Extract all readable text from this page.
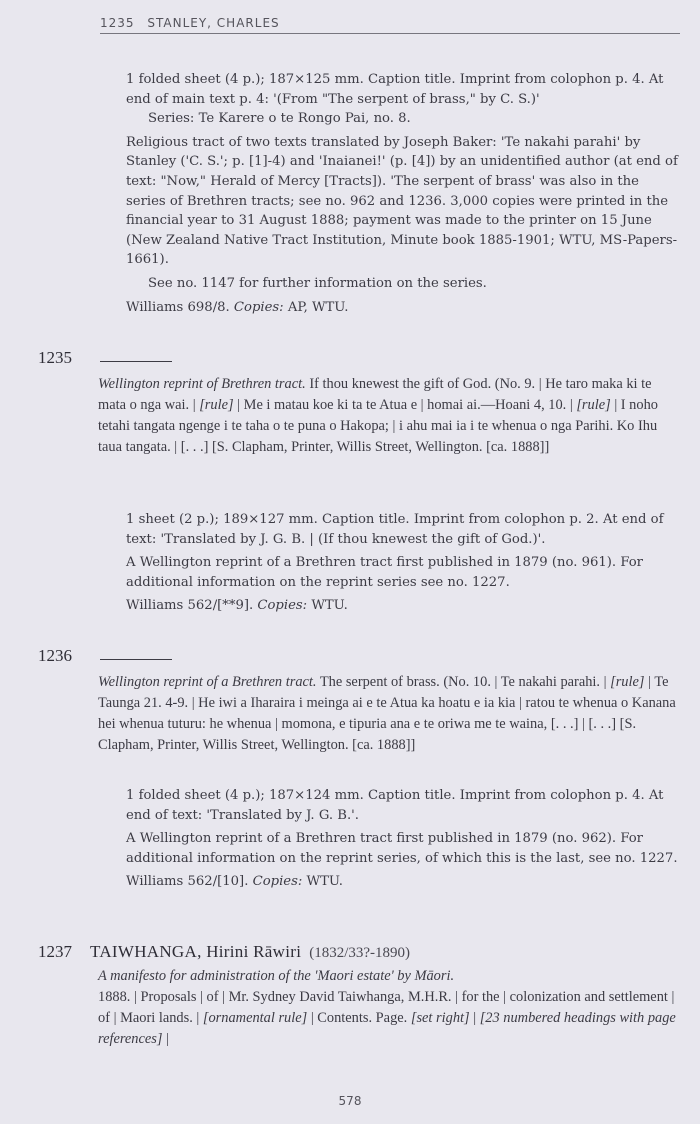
1235 STANLEY, CHARLES

1 folded sheet (4 p.); 187×125 mm. Caption title. Imprint from colophon p. 4. At end of main text p. 4: '(From "The serpent of brass," by C. S.)'

Series: Te Karere o te Rongo Pai, no. 8.

Religious tract of two texts translated by Joseph Baker: 'Te nakahi parahi' by Stanley ('C. S.'; p. [1]-4) and 'Inaianei!' (p. [4]) by an unidentified author (at end of text: "Now," Herald of Mercy [Tracts]). 'The serpent of brass' was also in the series of Brethren tracts; see no. 962 and 1236. 3,000 copies were printed in the financial year to 31 August 1888; payment was made to the printer on 15 June (New Zealand Native Tract Institution, Minute book 1885-1901; WTU, MS-Papers-1661).

See no. 1147 for further information on the series.

Williams 698/8. Copies: AP, WTU.

1235

Wellington reprint of Brethren tract. If thou knewest the gift of God. (No. 9. | He taro maka ki te mata o nga wai. | [rule] | Me i matau koe ki ta te Atua e | homai ai.—Hoani 4, 10. | [rule] | I noho tetahi tangata ngenge i te taha o te puna o Hakopa; | i ahu mai ia i te whenua o nga Parihi. Ko Ihu taua tangata. | [. . .] [S. Clapham, Printer, Willis Street, Wellington. [ca. 1888]]

1 sheet (2 p.); 189×127 mm. Caption title. Imprint from colophon p. 2. At end of text: 'Translated by J. G. B. | (If thou knewest the gift of God.)'.

A Wellington reprint of a Brethren tract first published in 1879 (no. 961). For additional information on the reprint series see no. 1227.

Williams 562/[**9]. Copies: WTU.

1236

Wellington reprint of a Brethren tract. The serpent of brass. (No. 10. | Te nakahi parahi. | [rule] | Te Taunga 21. 4-9. | He iwi a Iharaira i meinga ai e te Atua ka hoatu e ia kia | ratou te whenua o Kanana hei whenua tuturu: he whenua | momona, e tipuria ana e te oriwa me te waina, [. . .] | [. . .] [S. Clapham, Printer, Willis Street, Wellington. [ca. 1888]]

1 folded sheet (4 p.); 187×124 mm. Caption title. Imprint from colophon p. 4. At end of text: 'Translated by J. G. B.'.

A Wellington reprint of a Brethren tract first published in 1879 (no. 962). For additional information on the reprint series, of which this is the last, see no. 1227.

Williams 562/[10]. Copies: WTU.

1237 TAIWHANGA, Hirini Rāwiri (1832/33?-1890)

A manifesto for administration of the 'Maori estate' by Māori.
1888. | Proposals | of | Mr. Sydney David Taiwhanga, M.H.R. | for the | colonization and settlement | of | Maori lands. | [ornamental rule] | Contents. Page. [set right] | [23 numbered headings with page references] |

578
